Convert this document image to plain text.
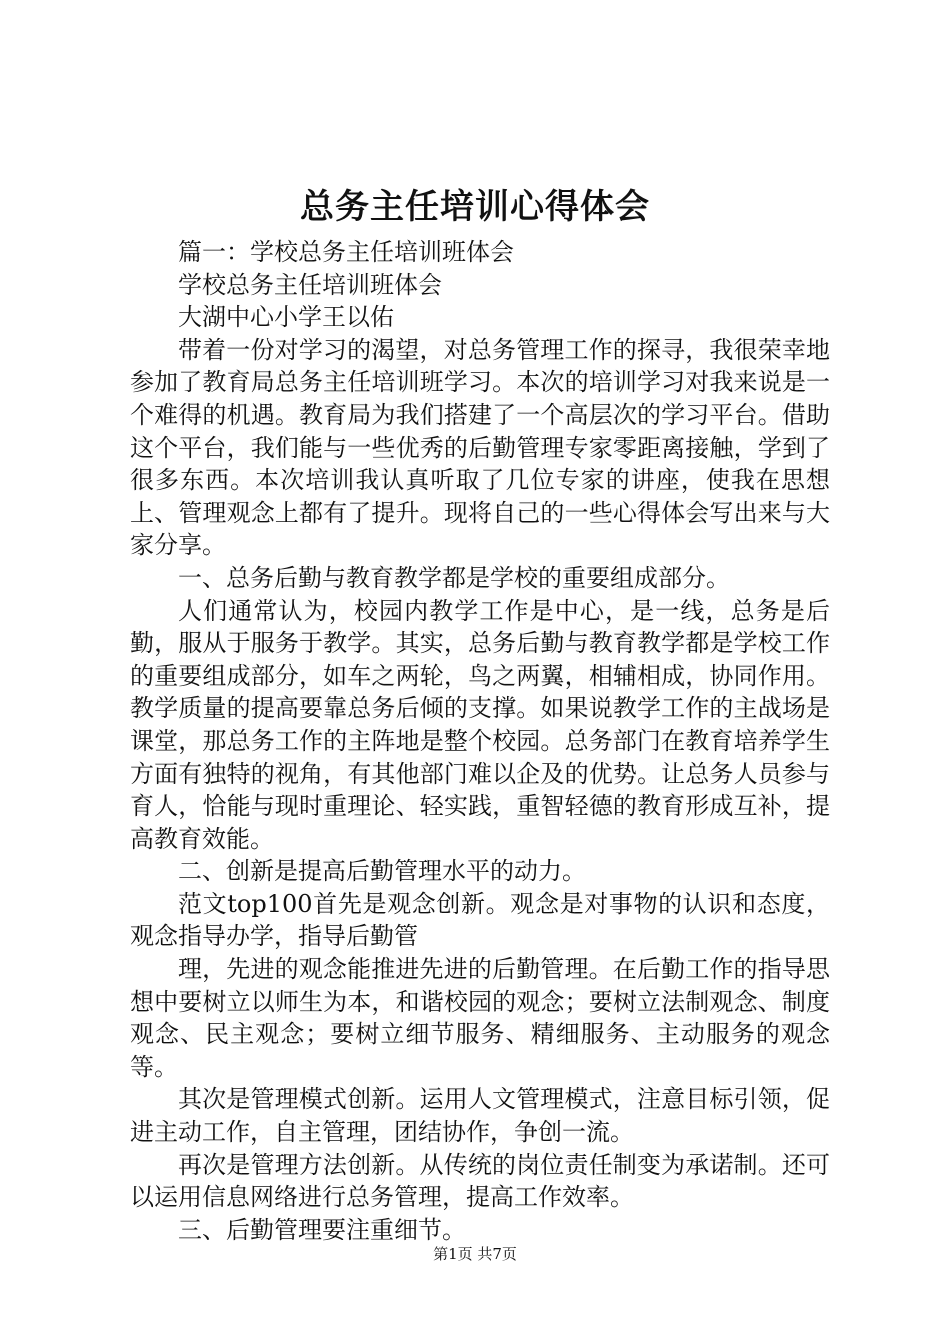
总务主任培训心得体会

篇一：学校总务主任培训班体会

学校总务主任培训班体会

大湖中心小学王以佑

带着一份对学习的渴望，对总务管理工作的探寻，我很荣幸地参加了教育局总务主任培训班学习。本次的培训学习对我来说是一个难得的机遇。教育局为我们搭建了一个高层次的学习平台。借助这个平台，我们能与一些优秀的后勤管理专家零距离接触，学到了很多东西。本次培训我认真听取了几位专家的讲座，使我在思想上、管理观念上都有了提升。现将自己的一些心得体会写出来与大家分享。

一、总务后勤与教育教学都是学校的重要组成部分。

人们通常认为，校园内教学工作是中心，是一线，总务是后勤，服从于服务于教学。其实，总务后勤与教育教学都是学校工作的重要组成部分，如车之两轮，鸟之两翼，相辅相成，协同作用。教学质量的提高要靠总务后倾的支撑。如果说教学工作的主战场是课堂，那总务工作的主阵地是整个校园。总务部门在教育培养学生方面有独特的视角，有其他部门难以企及的优势。让总务人员参与育人，恰能与现时重理论、轻实践，重智轻德的教育形成互补，提高教育效能。

二、创新是提高后勤管理水平的动力。

范文top100首先是观念创新。观念是对事物的认识和态度，观念指导办学，指导后勤管

理，先进的观念能推进先进的后勤管理。在后勤工作的指导思想中要树立以师生为本，和谐校园的观念；要树立法制观念、制度观念、民主观念；要树立细节服务、精细服务、主动服务的观念等。

其次是管理模式创新。运用人文管理模式，注意目标引领，促进主动工作，自主管理，团结协作，争创一流。

再次是管理方法创新。从传统的岗位责任制变为承诺制。还可以运用信息网络进行总务管理，提高工作效率。

三、后勤管理要注重细节。

第1页 共7页
